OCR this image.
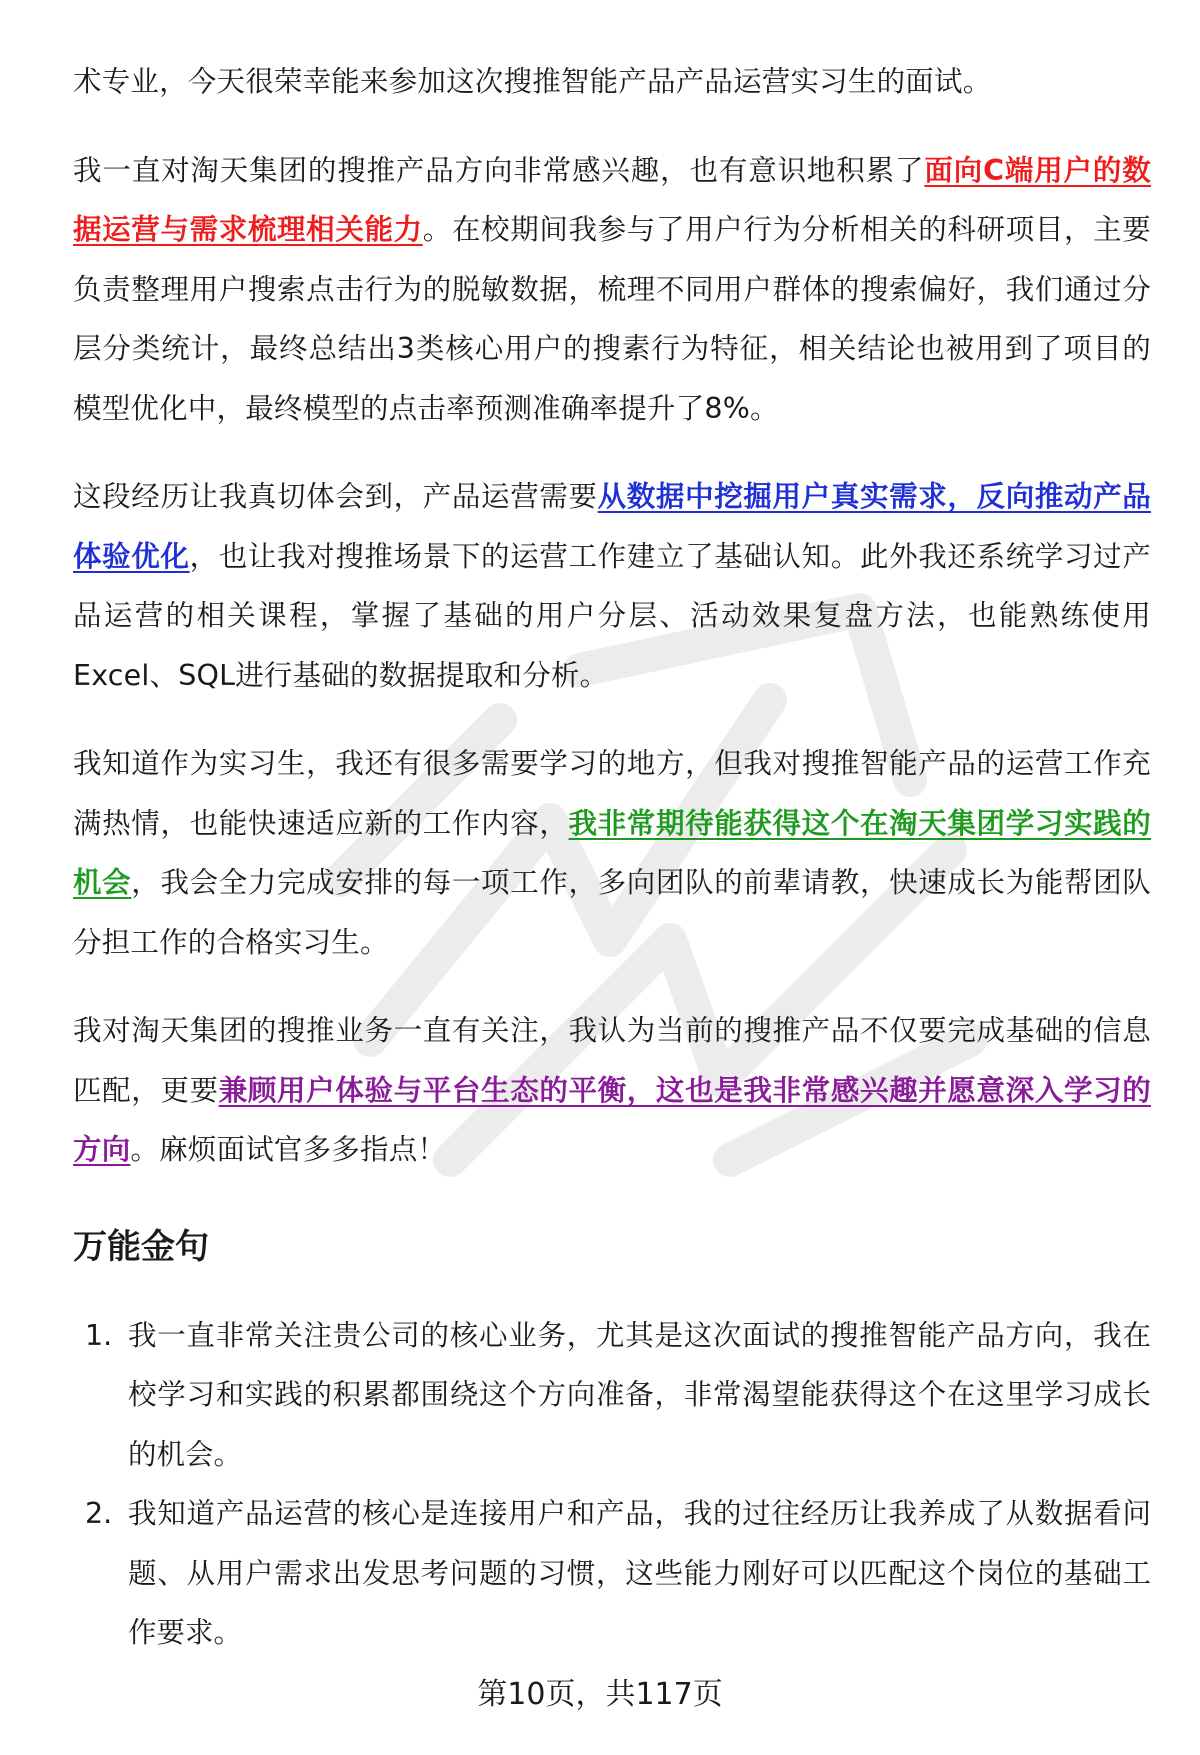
术专业，今天很荣幸能来参加这次搜推智能产品产品运营实习生的面试。

我一直对淘天集团的搜推产品方向非常感兴趣，也有意识地积累了面向C端用户的数据运营与需求梳理相关能力。在校期间我参与了用户行为分析相关的科研项目，主要负责整理用户搜索点击行为的脱敏数据，梳理不同用户群体的搜索偏好，我们通过分层分类统计，最终总结出3类核心用户的搜素行为特征，相关结论也被用到了项目的模型优化中，最终模型的点击率预测准确率提升了8%。

这段经历让我真切体会到，产品运营需要从数据中挖掘用户真实需求，反向推动产品体验优化，也让我对搜推场景下的运营工作建立了基础认知。此外我还系统学习过产品运营的相关课程，掌握了基础的用户分层、活动效果复盘方法，也能熟练使用Excel、SQL进行基础的数据提取和分析。

我知道作为实习生，我还有很多需要学习的地方，但我对搜推智能产品的运营工作充满热情，也能快速适应新的工作内容，我非常期待能获得这个在淘天集团学习实践的机会，我会全力完成安排的每一项工作，多向团队的前辈请教，快速成长为能帮团队分担工作的合格实习生。

我对淘天集团的搜推业务一直有关注，我认为当前的搜推产品不仅要完成基础的信息匹配，更要兼顾用户体验与平台生态的平衡，这也是我非常感兴趣并愿意深入学习的方向。麻烦面试官多多指点！

万能金句
1. 我一直非常关注贵公司的核心业务，尤其是这次面试的搜推智能产品方向，我在校学习和实践的积累都围绕这个方向准备，非常渴望能获得这个在这里学习成长的机会。
2. 我知道产品运营的核心是连接用户和产品，我的过往经历让我养成了从数据看问题、从用户需求出发思考问题的习惯，这些能力刚好可以匹配这个岗位的基础工作要求。
第10页，共117页
